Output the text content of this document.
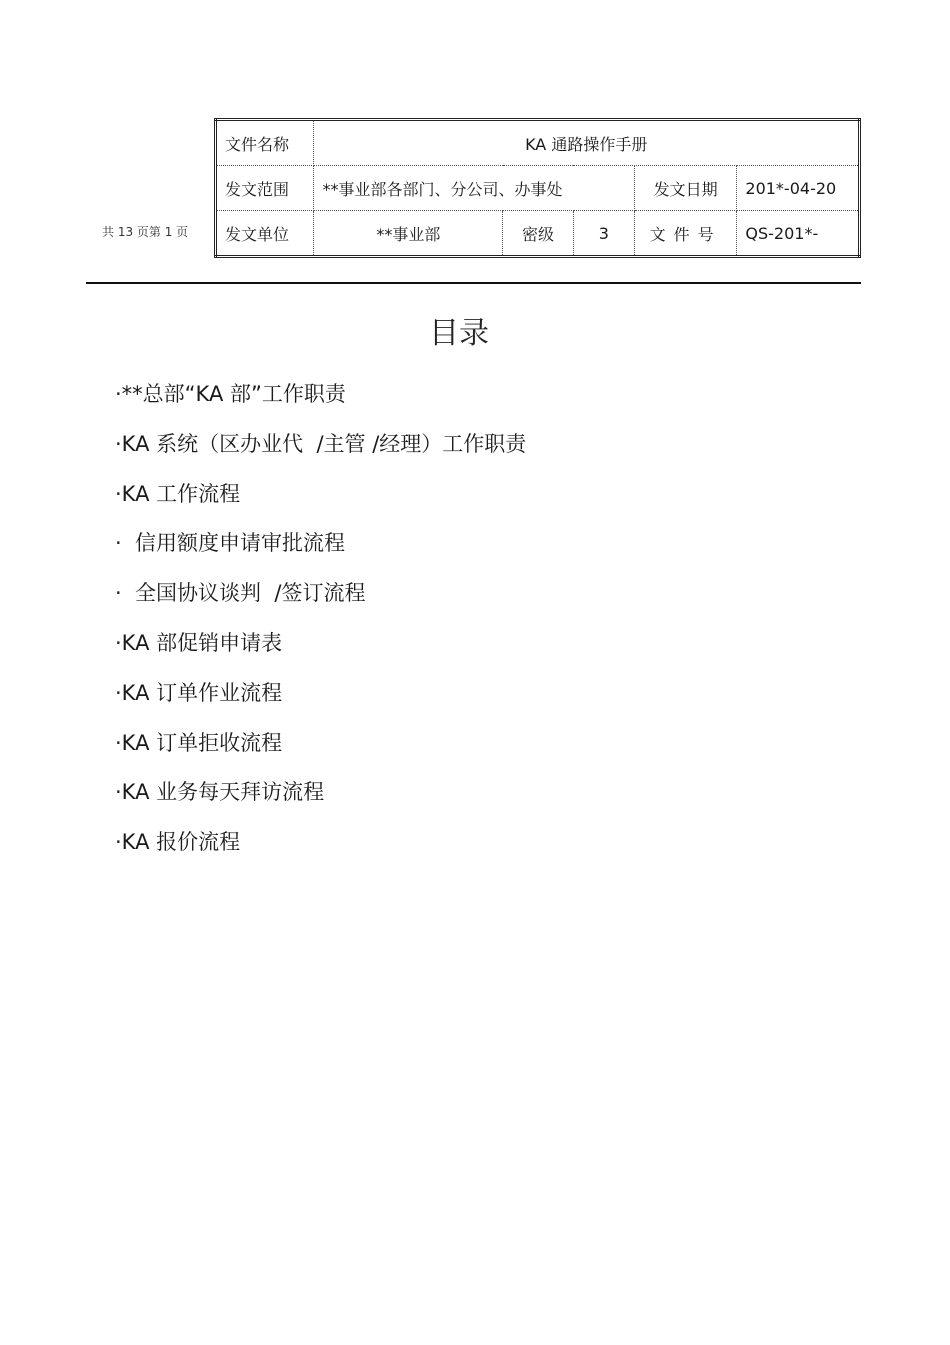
共 13 页第 1 页
文件名称	KA 通路操作手册				
发文范围	**事业部各部门、分公司、办事处			发文日期	201*-04-20
发文单位	**事业部	密级	3	文件号	QS-201*-
目录
·**总部“KA 部”工作职责
·KA 系统（区办业代  /主管 /经理）工作职责
·KA 工作流程
·  信用额度申请审批流程
·  全国协议谈判  /签订流程
·KA 部促销申请表
·KA 订单作业流程
·KA 订单拒收流程
·KA 业务每天拜访流程
·KA 报价流程
